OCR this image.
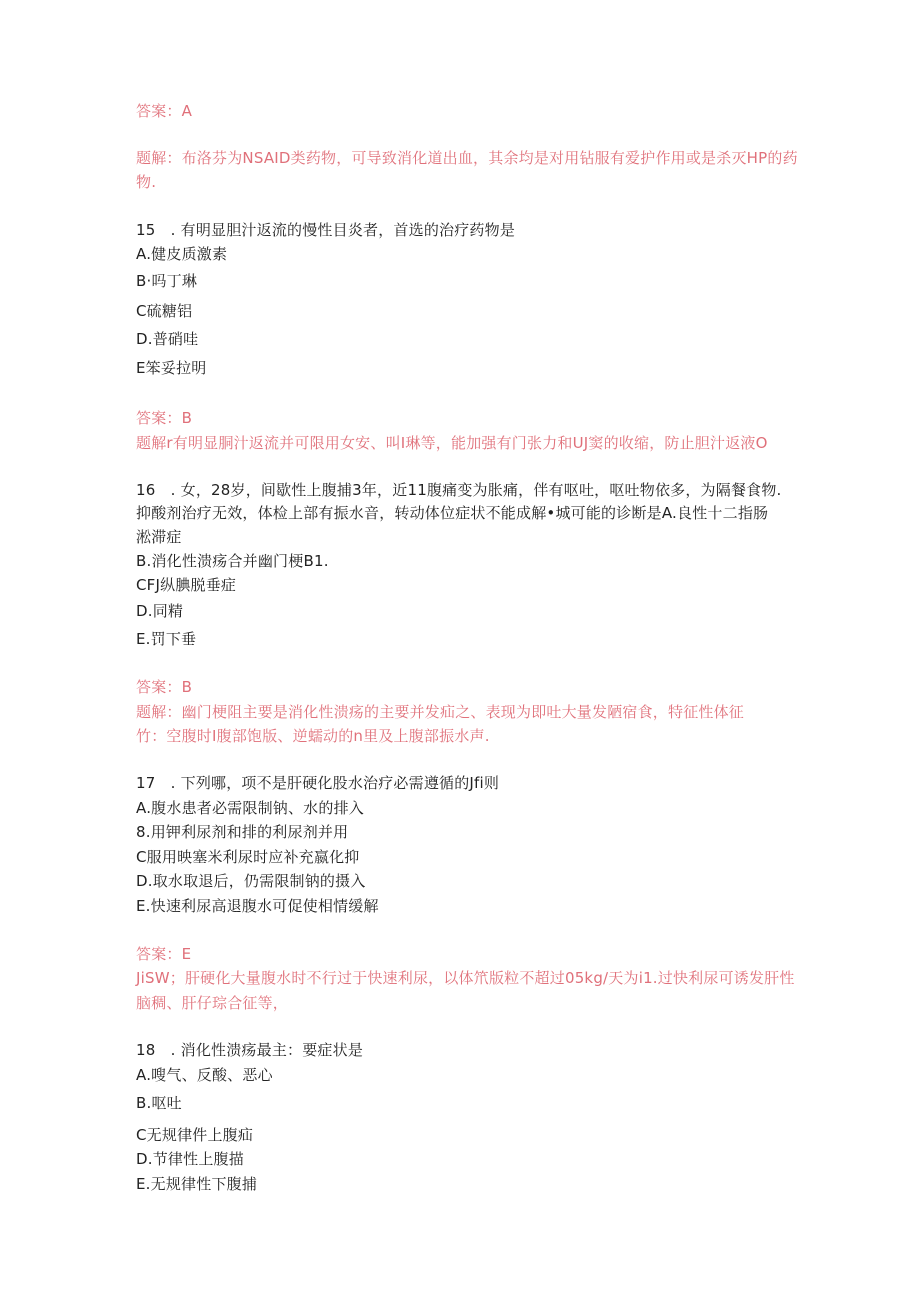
答案：A
题解：布洛芬为NSAID类药物，可导致消化道出血，其余均是对用钻服有爱护作用或是杀灭HP的药
物.
15　. 有明显胆汁返流的慢性目炎者，首选的治疗药物是
A.健皮质激素
B·吗丁琳
C硫糖铝
D.普硝哇
E笨妥拉明
答案：B
题解r有明显胴汁返流并可限用女安、叫I琳等，能加强有门张力和UJ窦的收缩，防止胆汁返液O
16　. 女，28岁，间歇性上腹捕3年，近11腹痛变为胀痛，伴有呕吐，呕吐物依多，为隔餐食物.
抑酸剂治疗无效，体检上部有振水音，转动体位症状不能成解•城可能的诊断是A.良性十二指肠
淞滞症
B.消化性溃疡合并幽门梗B1.
CFJ纵腆脱垂症
D.同精
E.罚下垂
答案：B
题解：幽门梗阻主要是消化性溃疡的主要并发疝之、表现为即吐大量发陋宿食，特征性体征
竹：空腹时I腹部饱版、逆蠕动的n里及上腹部振水声.
17　. 下列哪，项不是肝硬化股水治疗必需遵循的Jfi则
A.腹水患者必需限制钠、水的排入
8.用钾利尿剂和排的利尿剂并用
C服用映塞米利尿时应补充嬴化抑
D.取水取退后，仍需限制钠的摄入
E.快速利尿高退腹水可促使相情缓解
答案：E
JiSW；肝硬化大量腹水时不行过于快速利尿，以体笊版粒不超过05kg∕天为i1.过快利尿可诱发肝性
脑稠、肝仔琮合征等，
18　. 消化性溃疡最主：要症状是
A.嗖气、反酸、恶心
B.呕吐
C无规律件上腹疝
D.节律性上腹描
E.无规律性下腹捕
